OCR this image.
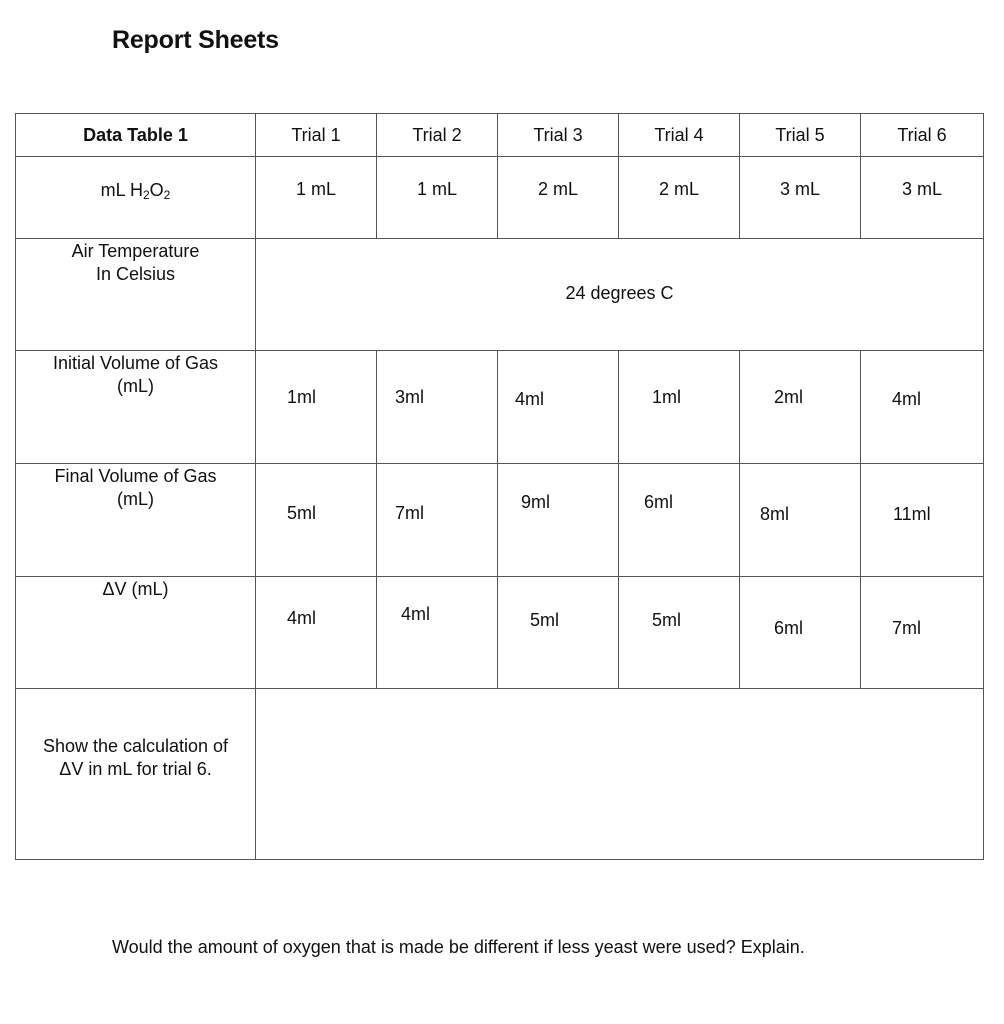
Report Sheets
Data Table 1	Trial 1	Trial 2	Trial 3	Trial 4	Trial 5	Trial 6

mL $H_2O_2$	1 mL	1 mL	2 mL	2 mL	3 mL	3 mL

Air Temperature
In Celsius	24 degrees C					

Initial Volume of Gas
(mL)	1ml	3ml	4ml	1ml	2ml	4ml

Final Volume of Gas
(mL)	5ml	7ml	9ml	6ml	8ml	11ml

ΔV (mL)	4ml	4ml	5ml	5ml	6ml	7ml

Show the calculation of
ΔV in mL for trial 6.						

Would the amount of oxygen that is made be different if less yeast were used? Explain.
